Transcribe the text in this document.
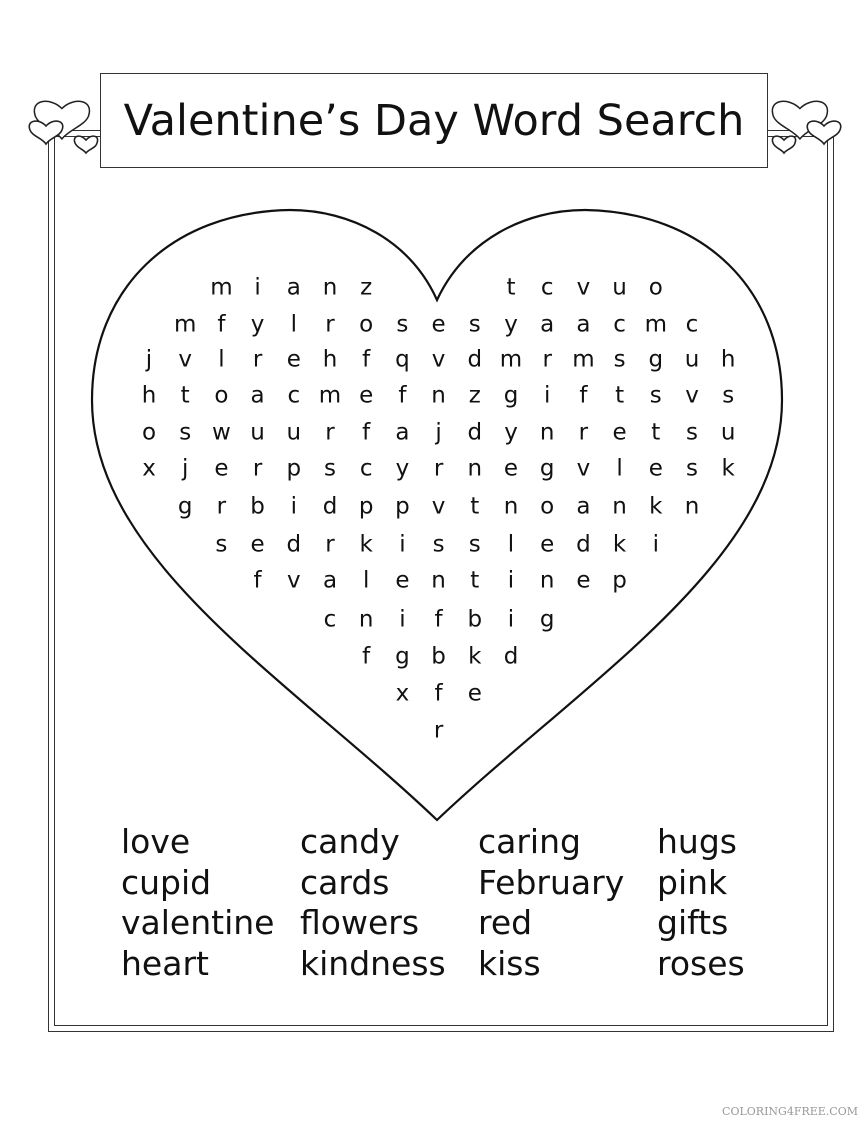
Valentine’s Day Word Search
m i a n z	t c v u o
m f y l r o s e s y a a c m c
j v l r e h f q v d m r m s g u h
h t o a c m e f n z g i f t s v s
o s w u u r f a j d y n r e t s u
x j e r p s c y r n e g v l e s k
g r b i d p p v t n o a n k n
s e d r k i s s l e d k i
f v a l e n t i n e p
c n i f b i g
f g b k d
x f e
r
love
cupid
valentine
heart
candy
cards
flowers
kindness
caring
February
red
kiss
hugs
pink
gifts
roses
COLORING4FREE.COM
